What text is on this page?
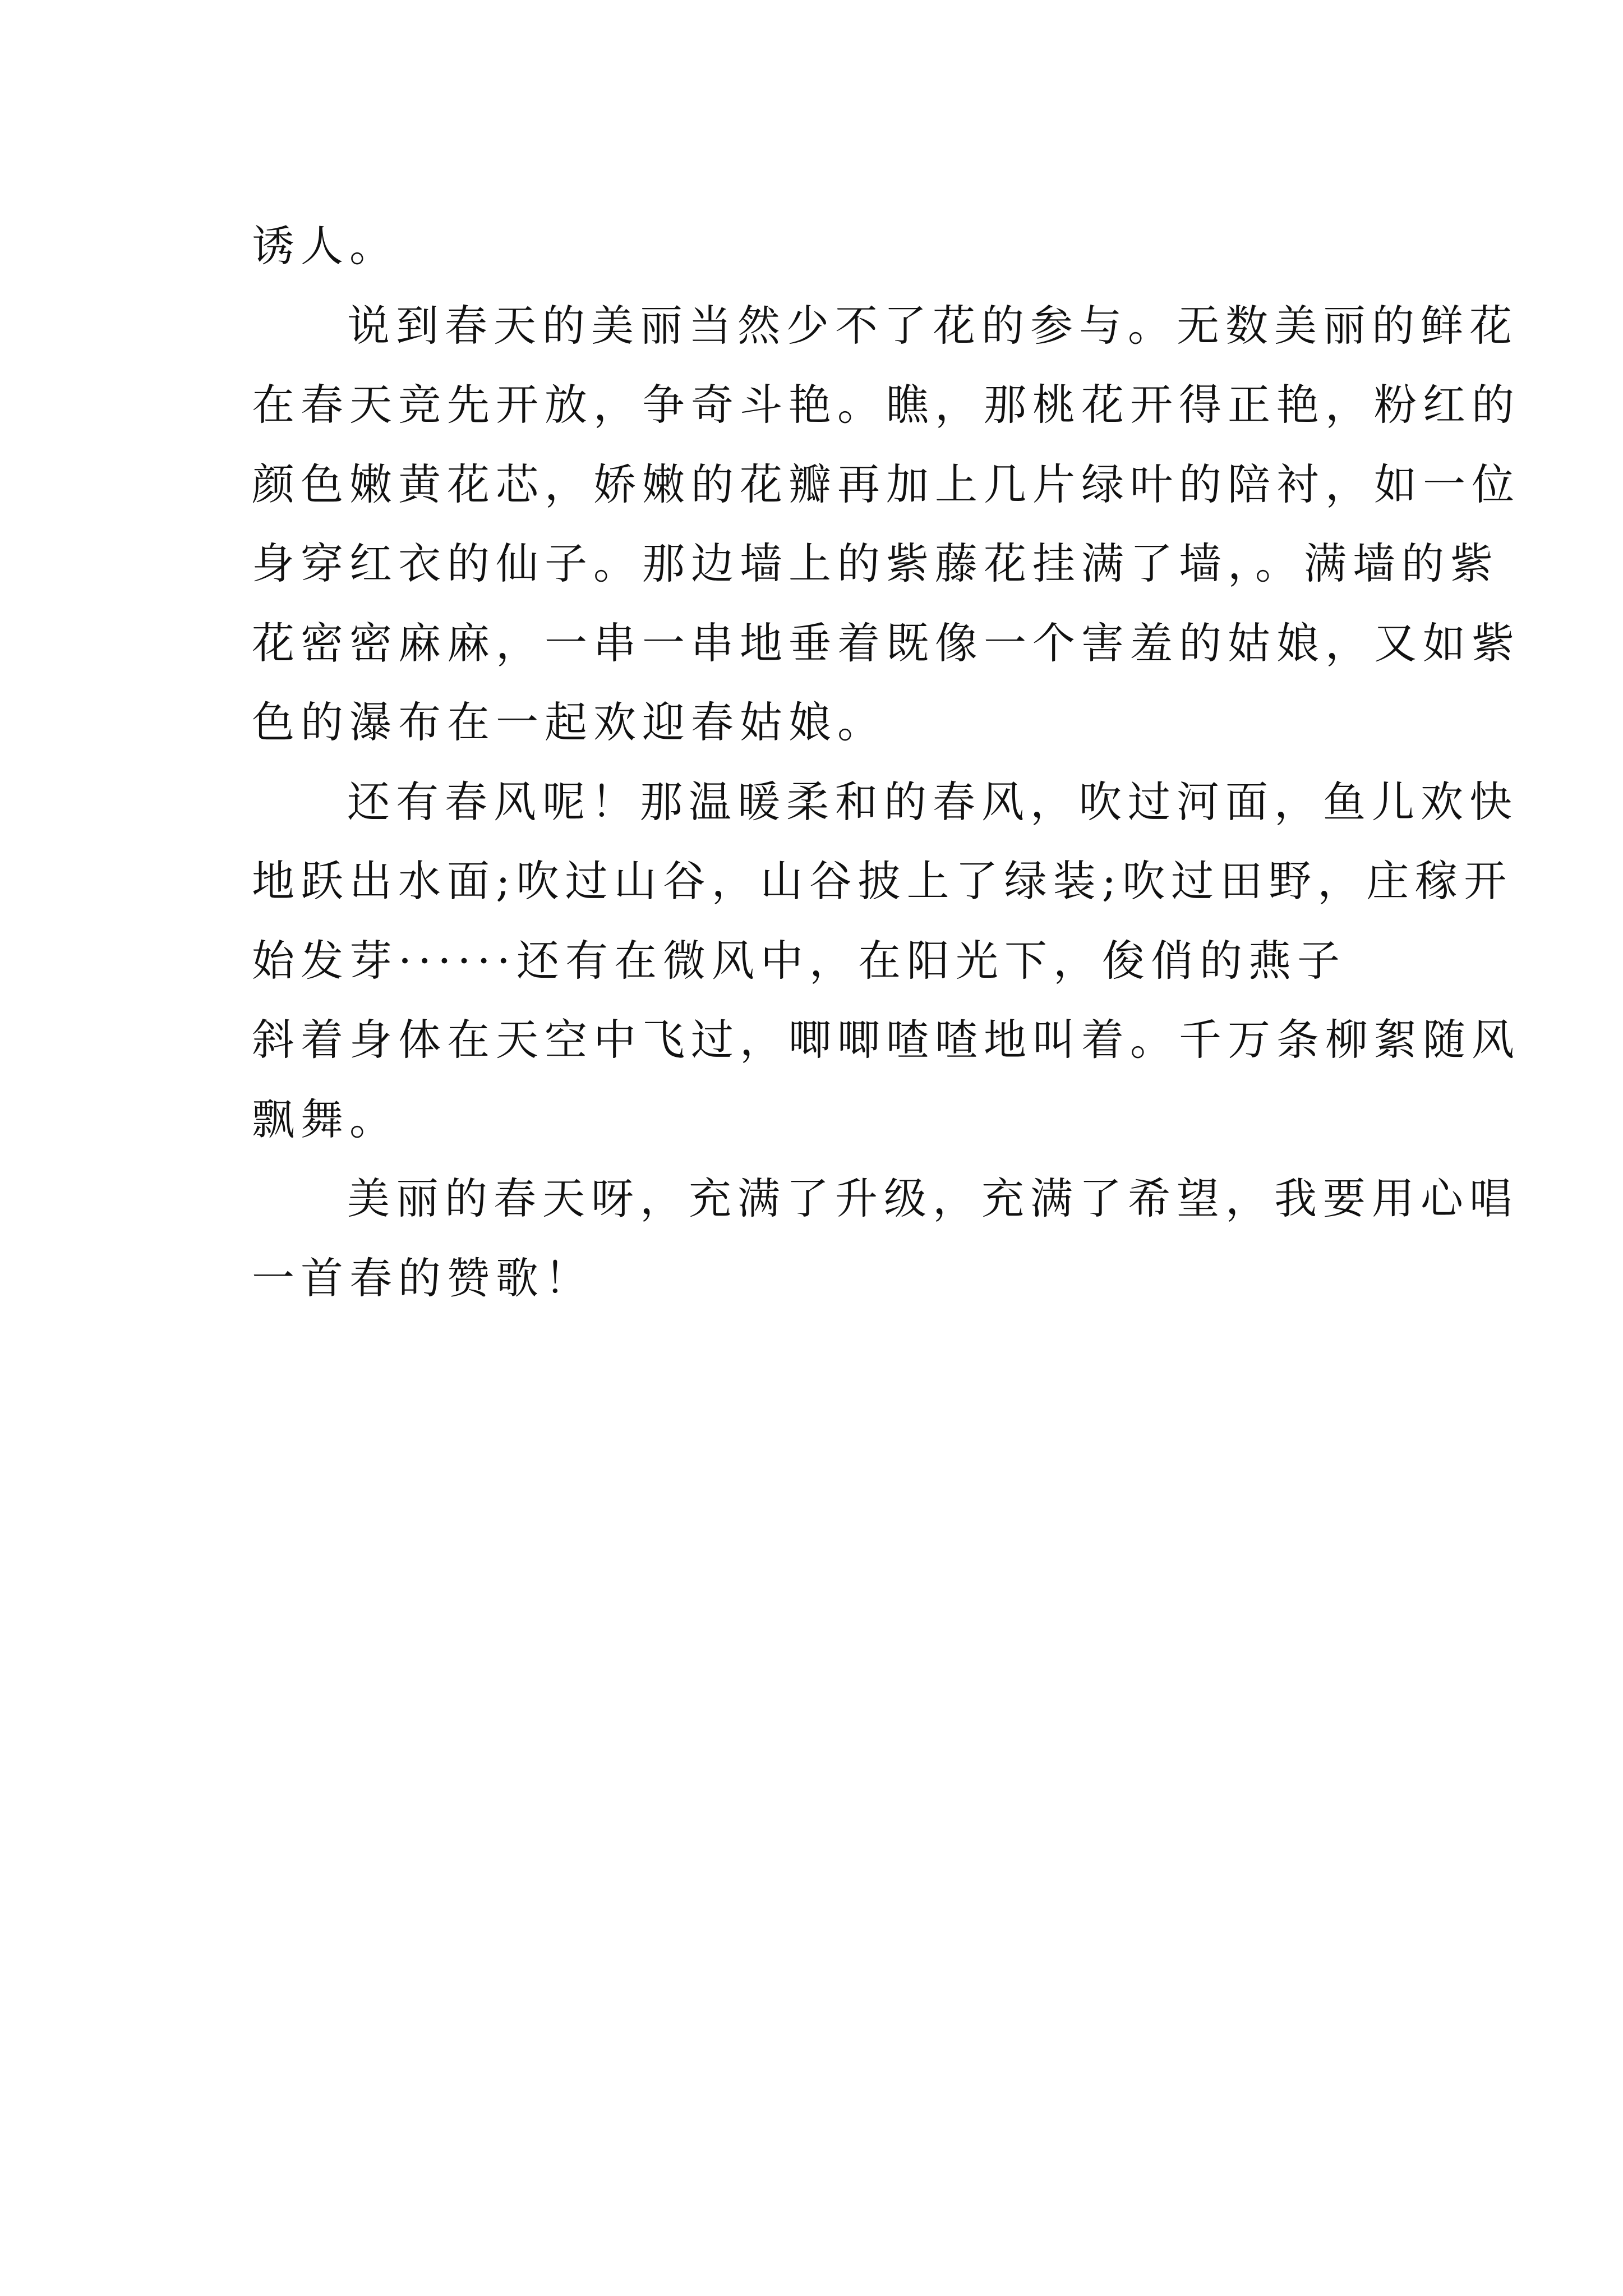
诱人。
说到春天的美丽当然少不了花的参与。无数美丽的鲜花
在春天竞先开放，争奇斗艳。瞧，那桃花开得正艳，粉红的
颜色嫩黄花芯，娇嫩的花瓣再加上几片绿叶的陪衬，如一位
身穿红衣的仙子。那边墙上的紫藤花挂满了墙，。满墙的紫
花密密麻麻，一串一串地垂着既像一个害羞的姑娘，又如紫
色的瀑布在一起欢迎春姑娘。
还有春风呢！那温暖柔和的春风，吹过河面，鱼儿欢快
地跃出水面;吹过山谷，山谷披上了绿装;吹过田野，庄稼开
始发芽······还有在微风中，在阳光下，俊俏的燕子
斜着身体在天空中飞过，唧唧喳喳地叫着。千万条柳絮随风
飘舞。
美丽的春天呀，充满了升级，充满了希望，我要用心唱
一首春的赞歌！
